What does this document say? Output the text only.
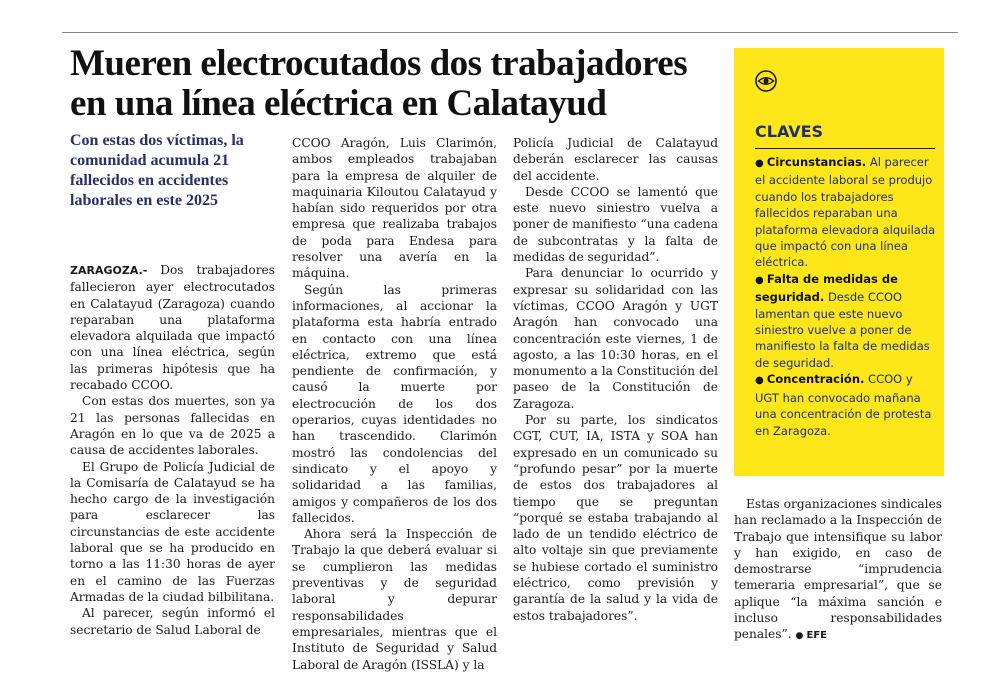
Mueren electrocutados dos trabajadores en una línea eléctrica en Calatayud
Con estas dos víctimas, la comunidad acumula 21 fallecidos en accidentes laborales en este 2025

ZARAGOZA.- Dos trabajadores fallecieron ayer electrocutados en Calatayud (Zaragoza) cuando reparaban una plataforma elevadora alquilada que impactó con una línea eléctrica, según las primeras hipótesis que ha recabado CCOO.

Con estas dos muertes, son ya 21 las personas fallecidas en Aragón en lo que va de 2025 a causa de accidentes laborales.

El Grupo de Policía Judicial de la Comisaría de Calatayud se ha hecho cargo de la investigación para esclarecer las circunstancias de este accidente laboral que se ha producido en torno a las 11:30 horas de ayer en el camino de las Fuerzas Armadas de la ciudad bilbilitana.

Al parecer, según informó el secretario de Salud Laboral de

CCOO Aragón, Luis Clarimón, ambos empleados trabajaban para la empresa de alquiler de maquinaria Kiloutou Calatayud y habían sido requeridos por otra empresa que realizaba trabajos de poda para Endesa para resolver una avería en la máquina.

Según las primeras informaciones, al accionar la plataforma esta habría entrado en contacto con una línea eléctrica, extremo que está pendiente de confirmación, y causó la muerte por electrocución de los dos operarios, cuyas identidades no han trascendido. Clarimón mostró las condolencias del sindicato y el apoyo y solidaridad a las familias, amigos y compañeros de los dos fallecidos.

Ahora será la Inspección de Trabajo la que deberá evaluar si se cumplieron las medidas preventivas y de seguridad laboral y depurar responsabilidades empresariales, mientras que el Instituto de Seguridad y Salud Laboral de Aragón (ISSLA) y la

Policía Judicial de Calatayud deberán esclarecer las causas del accidente.

Desde CCOO se lamentó que este nuevo siniestro vuelva a poner de manifiesto “una cadena de subcontratas y la falta de medidas de seguridad”.

Para denunciar lo ocurrido y expresar su solidaridad con las víctimas, CCOO Aragón y UGT Aragón han convocado una concentración este viernes, 1 de agosto, a las 10:30 horas, en el monumento a la Constitución del paseo de la Constitución de Zaragoza.

Por su parte, los sindicatos CGT, CUT, IA, ISTA y SOA han expresado en un comunicado su “profundo pesar” por la muerte de estos dos trabajadores al tiempo que se preguntan “porqué se estaba trabajando al lado de un tendido eléctrico de alto voltaje sin que previamente se hubiese cortado el suministro eléctrico, como previsión y garantía de la salud y la vida de estos trabajadores”.

CLAVES

● Circunstancias. Al parecer el accidente laboral se produjo cuando los trabajadores fallecidos reparaban una plataforma elevadora alquilada que impactó con una línea eléctrica.

● Falta de medidas de seguridad. Desde CCOO lamentan que este nuevo siniestro vuelve a poner de manifiesto la falta de medidas de seguridad.

● Concentración. CCOO y UGT han convocado mañana una concentración de protesta en Zaragoza.

Estas organizaciones sindicales han reclamado a la Inspección de Trabajo que intensifique su labor y han exigido, en caso de demostrarse “imprudencia temeraria empresarial”, que se aplique “la máxima sanción e incluso responsabilidades penales”. ● EFE
